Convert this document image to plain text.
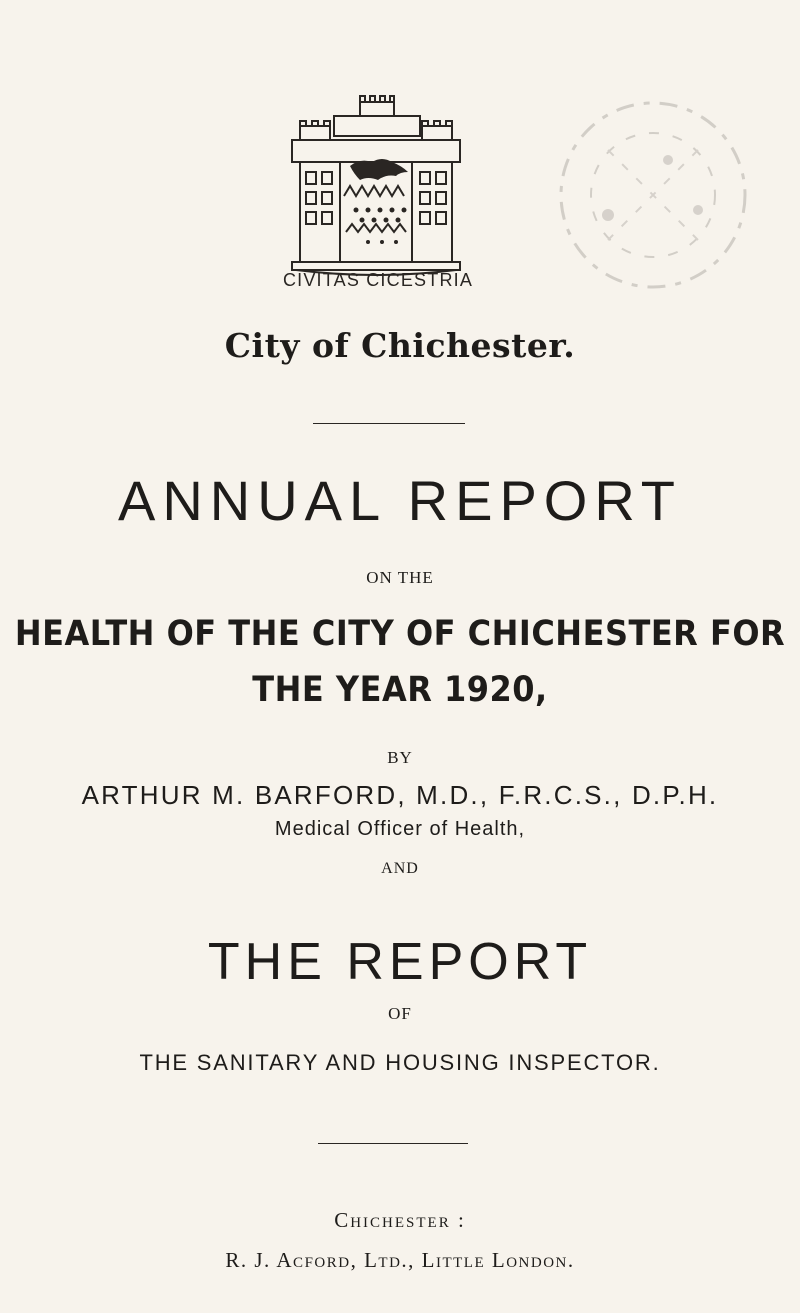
CIVITAS CICESTRIA
City of Chichester.
ANNUAL REPORT
ON THE
HEALTH OF THE CITY OF CHICHESTER FOR
THE YEAR 1920,
BY
ARTHUR M. BARFORD, M.D., F.R.C.S., D.P.H.
Medical Officer of Health,
AND
THE REPORT
OF
THE SANITARY AND HOUSING INSPECTOR.
Chichester :
R. J. Acford, Ltd., Little London.
